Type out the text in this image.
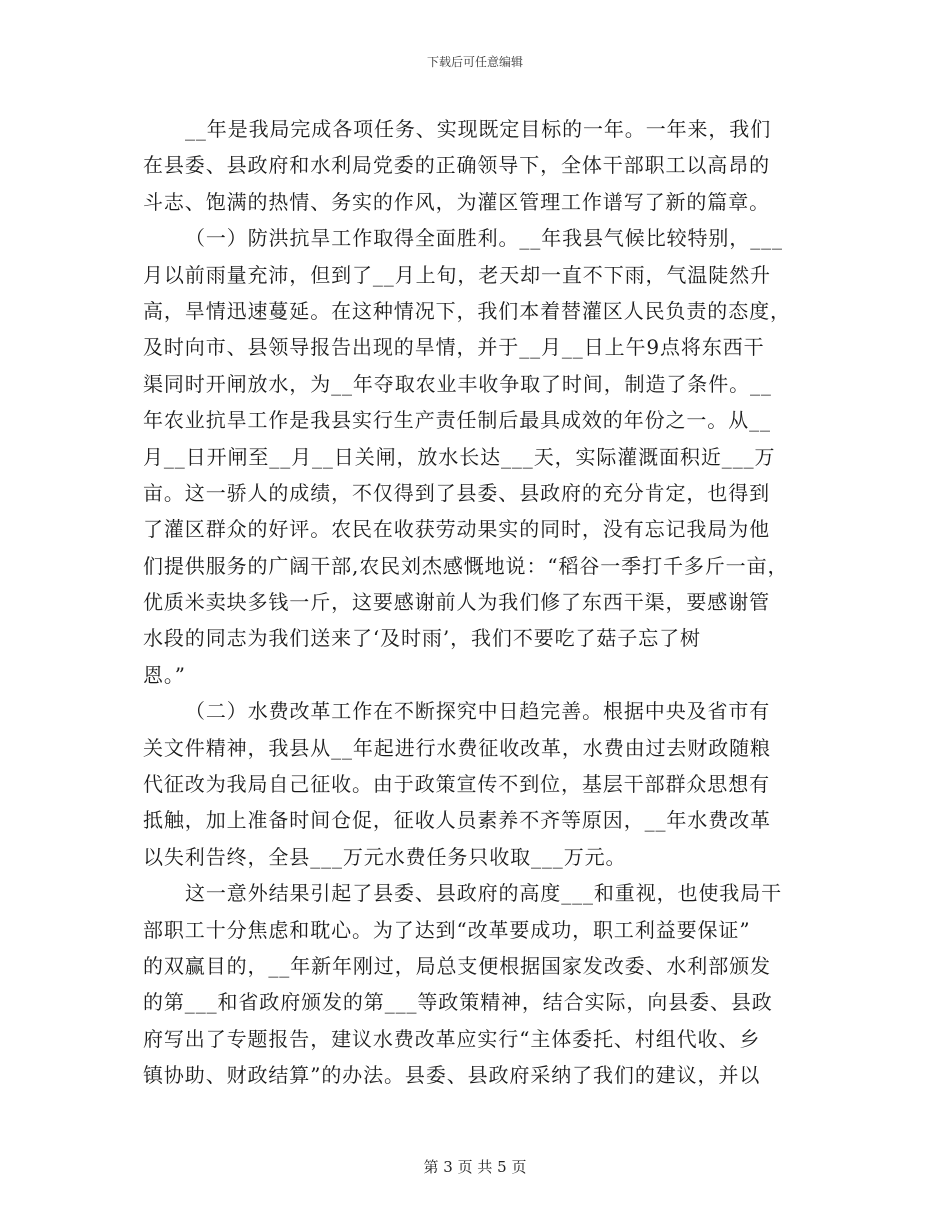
下载后可任意编辑
__年是我局完成各项任务、实现既定目标的一年。一年来，我们
在县委、县政府和水利局党委的正确领导下，全体干部职工以高昂的
斗志、饱满的热情、务实的作风，为灌区管理工作谱写了新的篇章。
（一）防洪抗旱工作取得全面胜利。__年我县气候比较特别，___
月以前雨量充沛，但到了__月上旬，老天却一直不下雨，气温陡然升
高，旱情迅速蔓延。在这种情况下，我们本着替灌区人民负责的态度，
及时向市、县领导报告出现的旱情，并于__月__日上午9点将东西干
渠同时开闸放水，为__年夺取农业丰收争取了时间，制造了条件。__
年农业抗旱工作是我县实行生产责任制后最具成效的年份之一。从__
月__日开闸至__月__日关闸，放水长达___天，实际灌溉面积近___万
亩。这一骄人的成绩，不仅得到了县委、县政府的充分肯定，也得到
了灌区群众的好评。农民在收获劳动果实的同时，没有忘记我局为他
们提供服务的广阔干部,农民刘杰感慨地说：“稻谷一季打千多斤一亩，
优质米卖块多钱一斤，这要感谢前人为我们修了东西干渠，要感谢管
水段的同志为我们送来了‘及时雨’，我们不要吃了菇子忘了树
恩。”
（二）水费改革工作在不断探究中日趋完善。根据中央及省市有
关文件精神，我县从__年起进行水费征收改革，水费由过去财政随粮
代征改为我局自己征收。由于政策宣传不到位，基层干部群众思想有
抵触，加上准备时间仓促，征收人员素养不齐等原因，__年水费改革
以失利告终，全县___万元水费任务只收取___万元。
这一意外结果引起了县委、县政府的高度___和重视，也使我局干
部职工十分焦虑和耽心。为了达到“改革要成功，职工利益要保证”
的双赢目的，__年新年刚过，局总支便根据国家发改委、水利部颁发
的第___和省政府颁发的第___等政策精神，结合实际，向县委、县政
府写出了专题报告，建议水费改革应实行“主体委托、村组代收、乡
镇协助、财政结算”的办法。县委、县政府采纳了我们的建议，并以
第 3 页 共 5 页
